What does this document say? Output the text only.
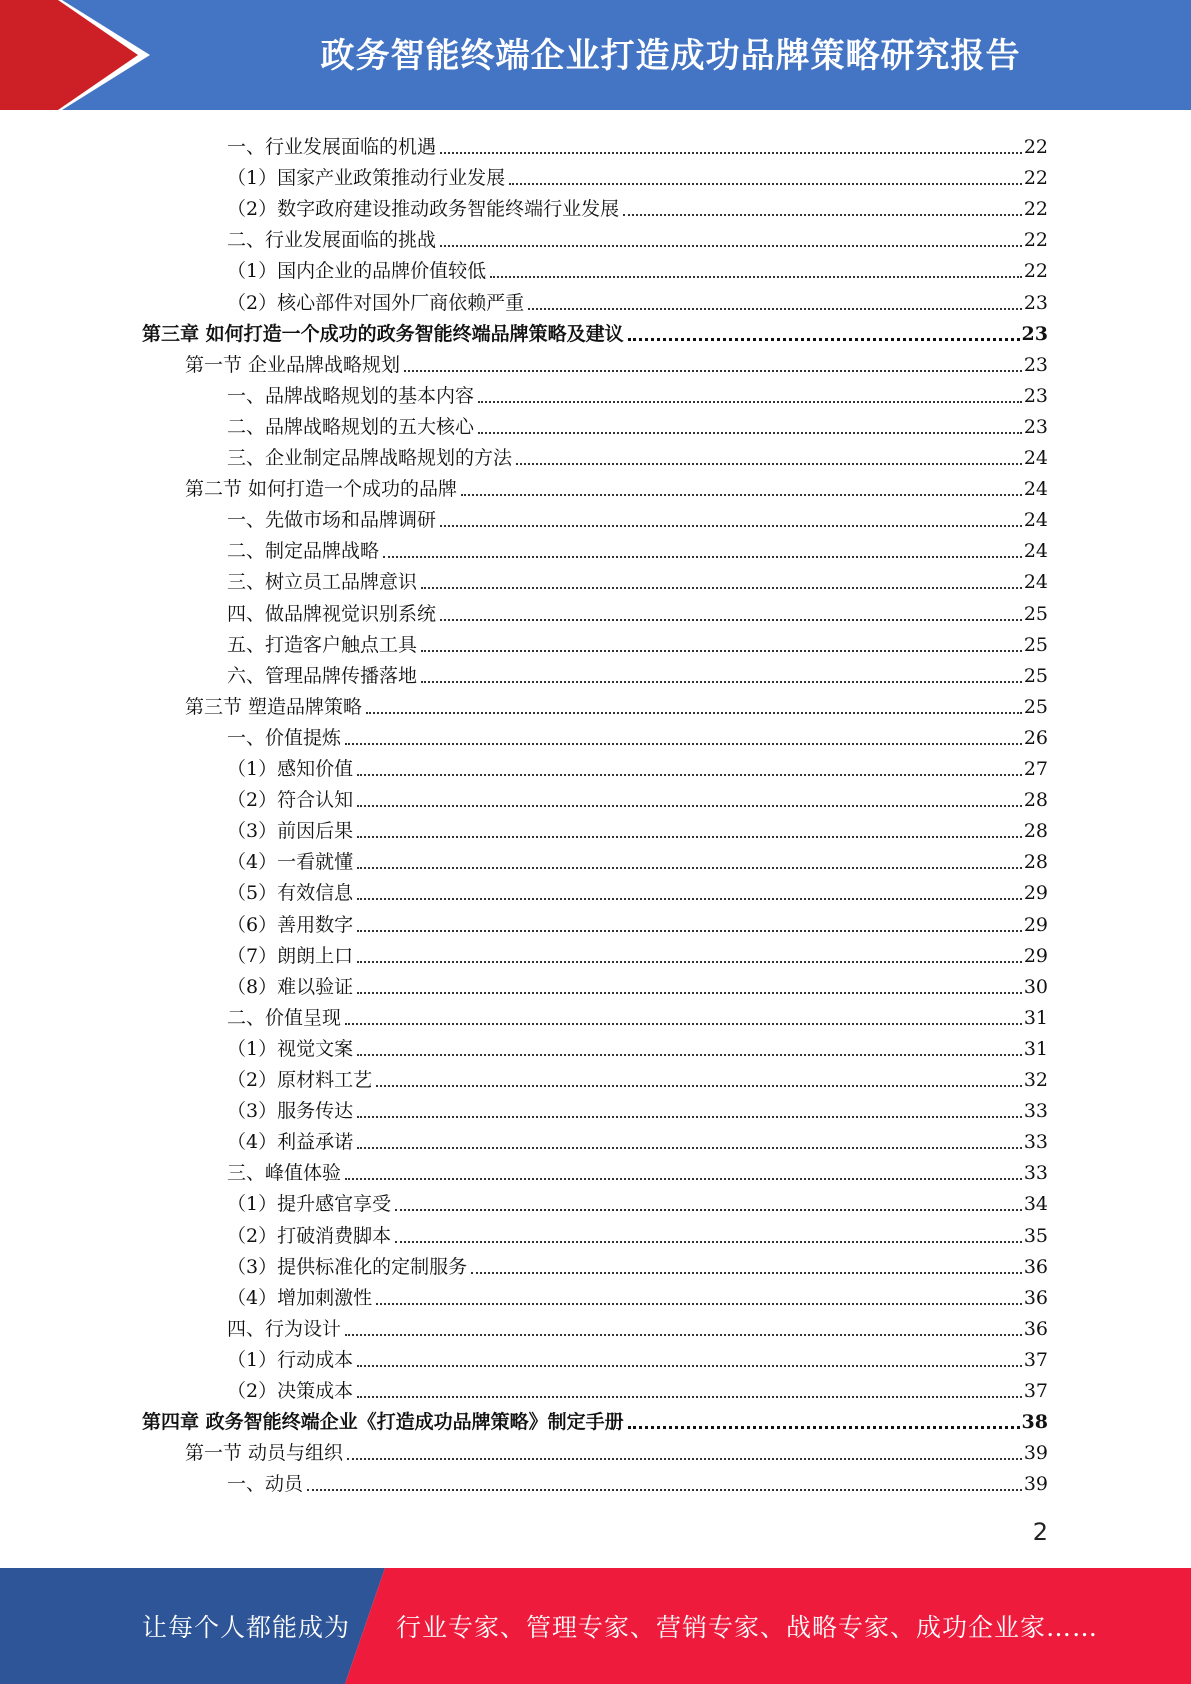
政务智能终端企业打造成功品牌策略研究报告
一、行业发展面临的机遇	22
（1）国家产业政策推动行业发展	22
（2）数字政府建设推动政务智能终端行业发展	22
二、行业发展面临的挑战	22
（1）国内企业的品牌价值较低	22
（2）核心部件对国外厂商依赖严重	23
第三章 如何打造一个成功的政务智能终端品牌策略及建议	23
第一节 企业品牌战略规划	23
一、品牌战略规划的基本内容	23
二、品牌战略规划的五大核心	23
三、企业制定品牌战略规划的方法	24
第二节 如何打造一个成功的品牌	24
一、先做市场和品牌调研	24
二、制定品牌战略	24
三、树立员工品牌意识	24
四、做品牌视觉识别系统	25
五、打造客户触点工具	25
六、管理品牌传播落地	25
第三节 塑造品牌策略	25
一、价值提炼	26
（1）感知价值	27
（2）符合认知	28
（3）前因后果	28
（4）一看就懂	28
（5）有效信息	29
（6）善用数字	29
（7）朗朗上口	29
（8）难以验证	30
二、价值呈现	31
（1）视觉文案	31
（2）原材料工艺	32
（3）服务传达	33
（4）利益承诺	33
三、峰值体验	33
（1）提升感官享受	34
（2）打破消费脚本	35
（3）提供标准化的定制服务	36
（4）增加刺激性	36
四、行为设计	36
（1）行动成本	37
（2）决策成本	37
第四章 政务智能终端企业《打造成功品牌策略》制定手册	38
第一节 动员与组织	39
一、动员	39
2
让每个人都能成为 行业专家、管理专家、营销专家、战略专家、成功企业家……
